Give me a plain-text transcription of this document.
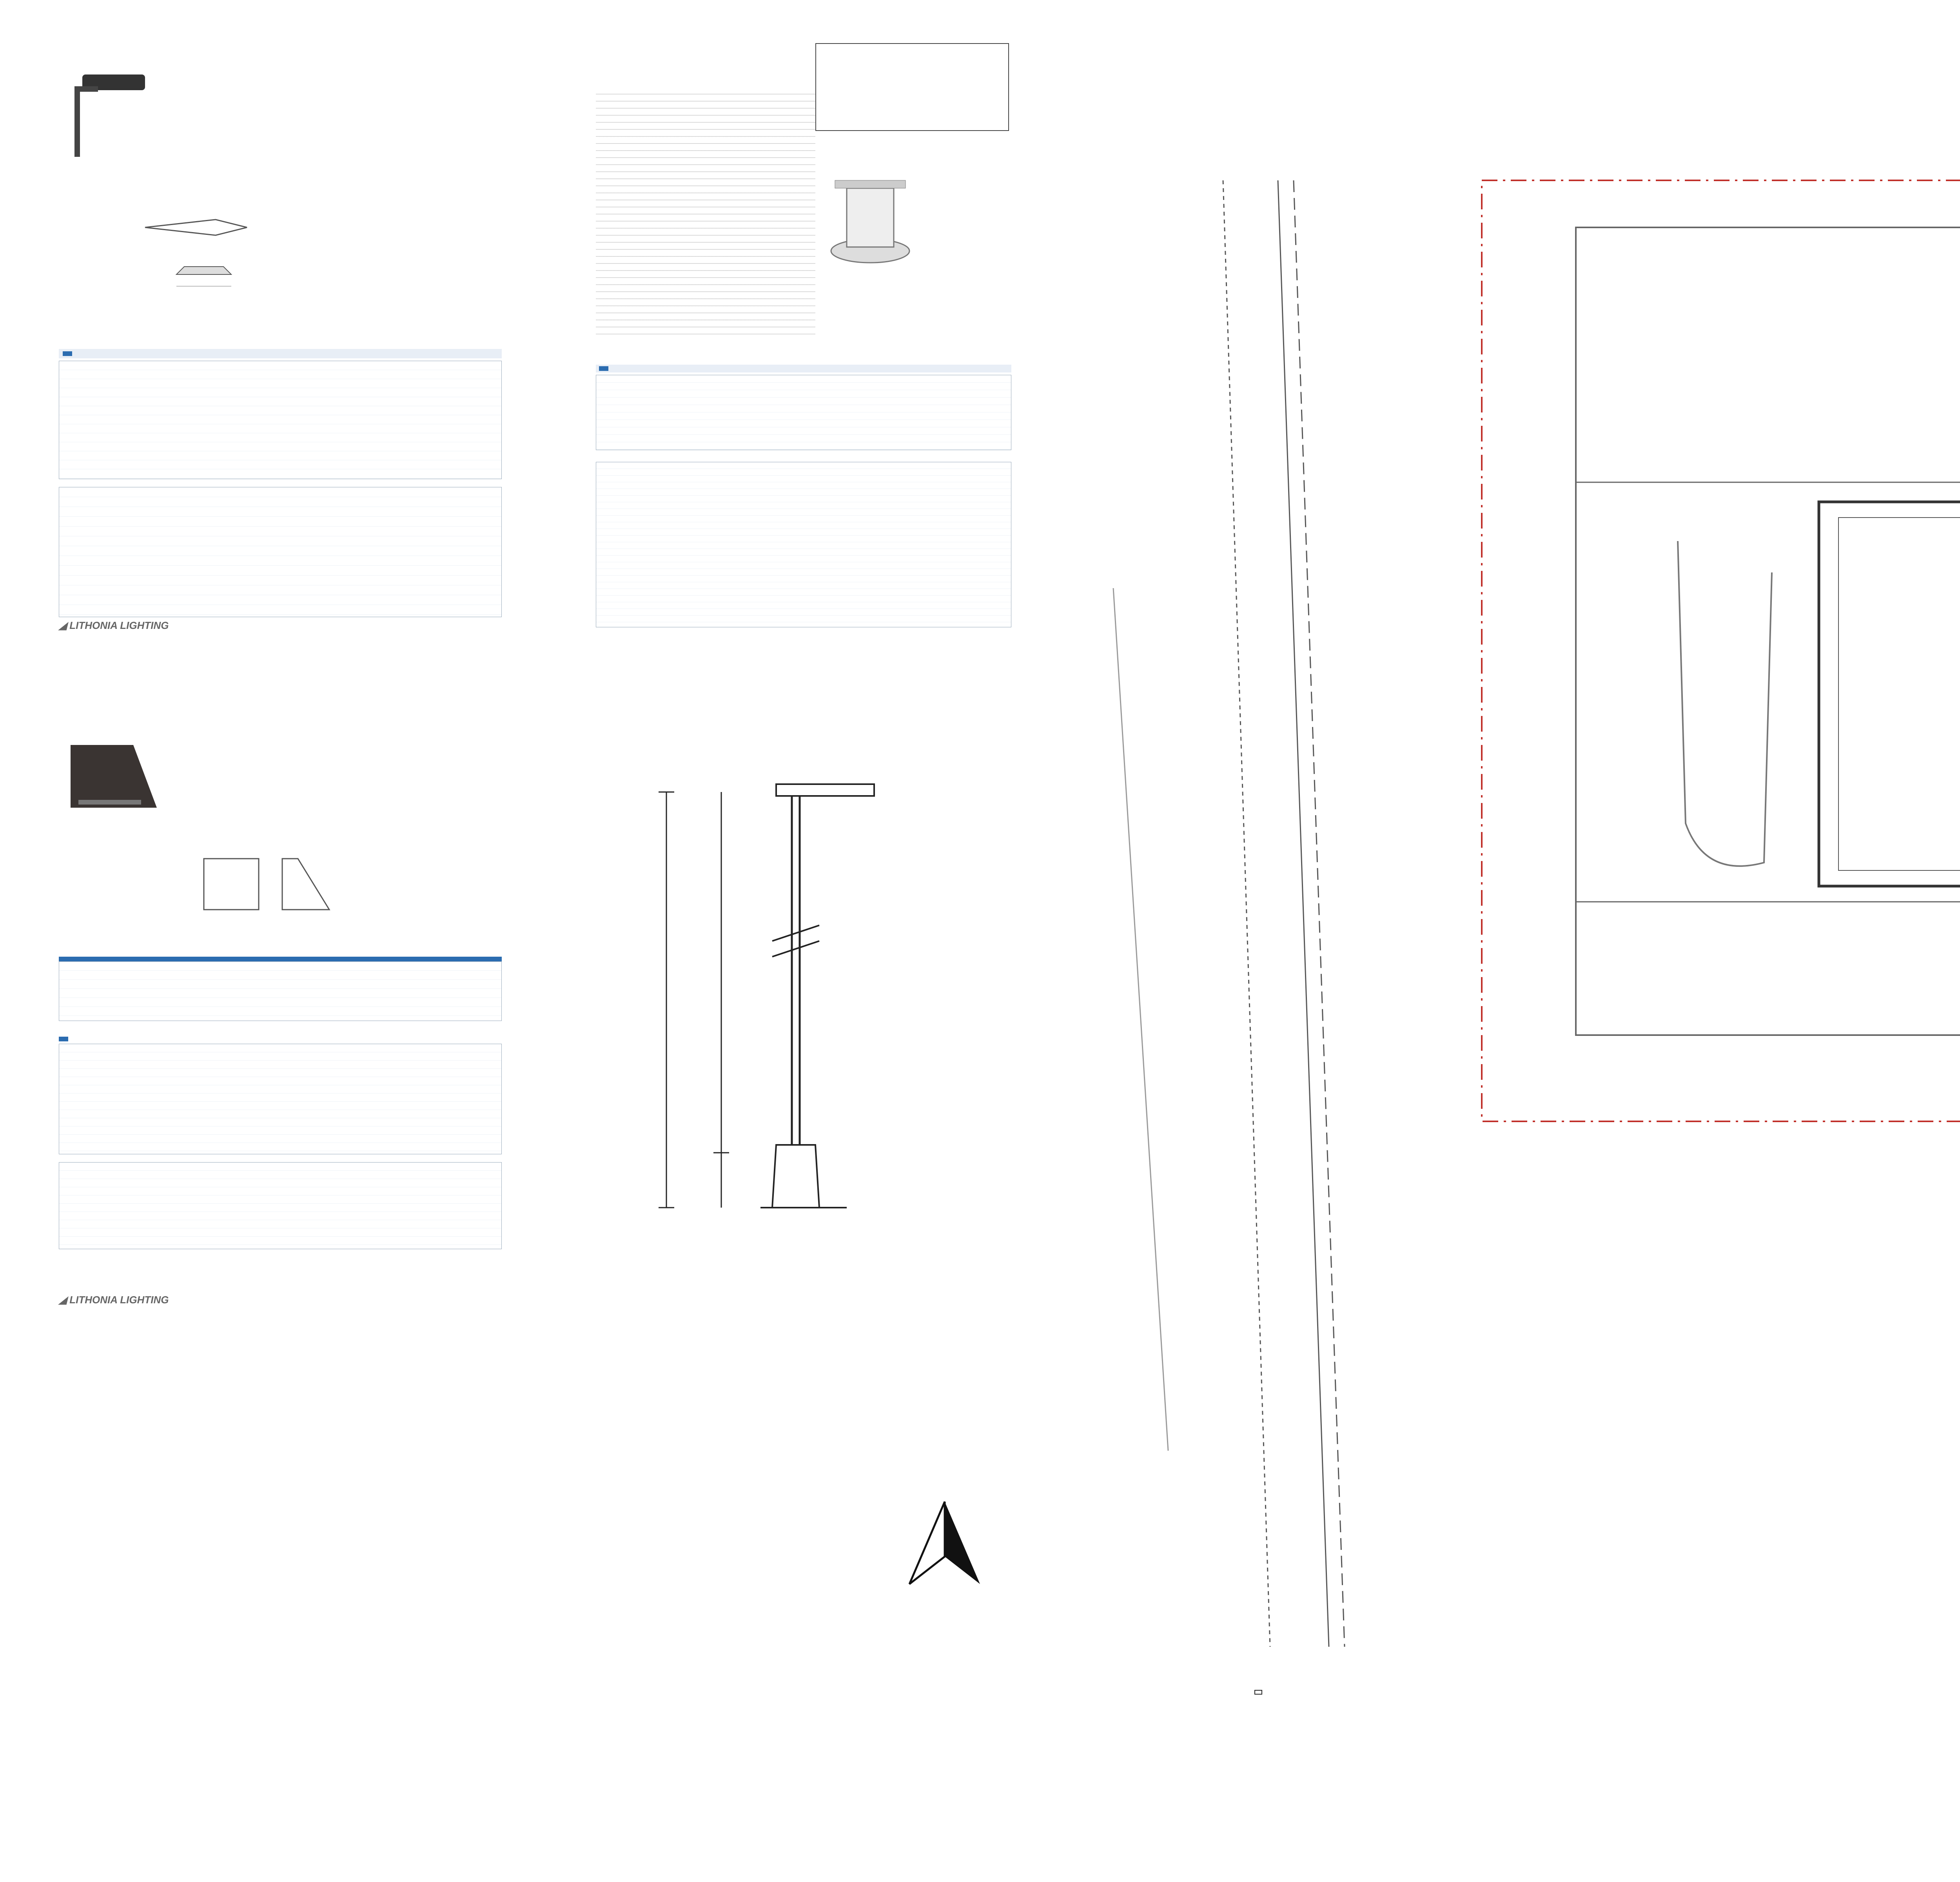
◢ LITHONIA LIGHTING
◢ LITHONIA LIGHTING
